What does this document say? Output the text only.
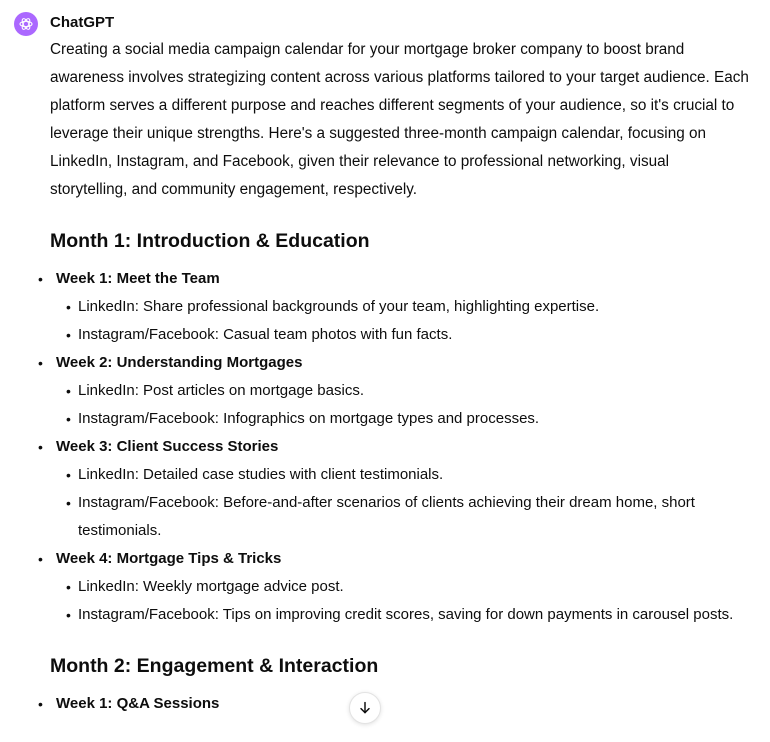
ChatGPT

Creating a social media campaign calendar for your mortgage broker company to boost brand awareness involves strategizing content across various platforms tailored to your target audience. Each platform serves a different purpose and reaches different segments of your audience, so it's crucial to leverage their unique strengths. Here's a suggested three-month campaign calendar, focusing on LinkedIn, Instagram, and Facebook, given their relevance to professional networking, visual storytelling, and community engagement, respectively.

Month 1: Introduction & Education
• Week 1: Meet the Team
• LinkedIn: Share professional backgrounds of your team, highlighting expertise.
• Instagram/Facebook: Casual team photos with fun facts.
• Week 2: Understanding Mortgages
• LinkedIn: Post articles on mortgage basics.
• Instagram/Facebook: Infographics on mortgage types and processes.
• Week 3: Client Success Stories
• LinkedIn: Detailed case studies with client testimonials.
• Instagram/Facebook: Before-and-after scenarios of clients achieving their dream home, short testimonials.
• Week 4: Mortgage Tips & Tricks
• LinkedIn: Weekly mortgage advice post.
• Instagram/Facebook: Tips on improving credit scores, saving for down payments in carousel posts.
Month 2: Engagement & Interaction
• Week 1: Q&A Sessions
